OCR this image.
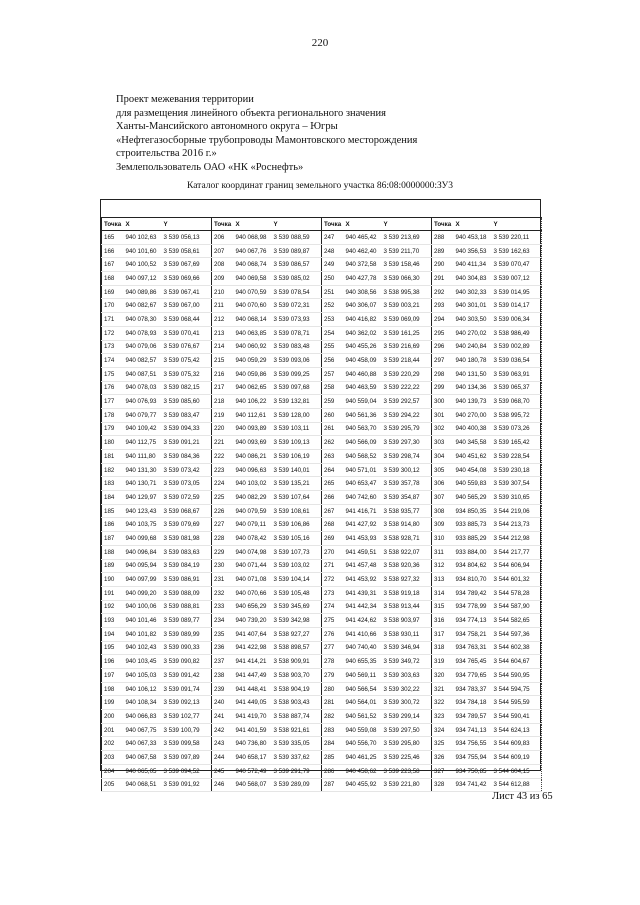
220
Проект межевания территории
для размещения линейного объекта регионального значения
Ханты-Мансийского автономного округа – Югры
«Нефтегазосборные трубопроводы Мамонтовского месторождения
строительства 2016 г.»
Землепользователь ОАО «НК «Роснефть»
Каталог координат границ земельного участка 86:08:0000000:ЗУ3
Точка	X	Y
165	940 102,63	3 539 056,13
166	940 101,60	3 539 058,61
167	940 100,52	3 539 067,69
168	940 097,12	3 539 069,66
169	940 089,86	3 539 067,41
170	940 082,67	3 539 067,00
171	940 078,30	3 539 068,44
172	940 078,93	3 539 070,41
173	940 079,06	3 539 076,67
174	940 082,57	3 539 075,42
175	940 087,51	3 539 075,32
176	940 078,03	3 539 082,15
177	940 076,93	3 539 085,60
178	940 079,77	3 539 083,47
179	940 109,42	3 539 094,33
180	940 112,75	3 539 091,21
181	940 111,80	3 539 084,36
182	940 131,30	3 539 073,42
183	940 130,71	3 539 073,05
184	940 129,97	3 539 072,59
185	940 123,43	3 539 068,67
186	940 103,75	3 539 079,69
187	940 099,68	3 539 081,98
188	940 096,84	3 539 083,63
189	940 095,94	3 539 084,19
190	940 097,99	3 539 086,91
191	940 099,20	3 539 088,09
192	940 100,06	3 539 088,81
193	940 101,46	3 539 089,77
194	940 101,82	3 539 089,99
195	940 102,43	3 539 090,33
196	940 103,45	3 539 090,82
197	940 105,03	3 539 091,42
198	940 106,12	3 539 091,74
199	940 108,34	3 539 092,13
200	940 066,83	3 539 102,77
201	940 067,75	3 539 100,79
202	940 067,33	3 539 099,58
203	940 067,58	3 539 097,89
204	940 065,05	3 539 094,52
205	940 068,51	3 539 091,92
Точка	X	Y
206	940 068,98	3 539 088,59
207	940 067,76	3 539 089,87
208	940 068,74	3 539 086,57
209	940 069,58	3 539 085,02
210	940 070,59	3 539 078,54
211	940 070,60	3 539 072,31
212	940 068,14	3 539 073,93
213	940 063,85	3 539 078,71
214	940 060,92	3 539 083,48
215	940 059,29	3 539 093,06
216	940 059,86	3 539 099,25
217	940 062,65	3 539 097,68
218	940 106,22	3 539 132,81
219	940 112,61	3 539 128,00
220	940 093,89	3 539 103,11
221	940 093,69	3 539 109,13
222	940 086,21	3 539 106,19
223	940 096,63	3 539 140,01
224	940 103,02	3 539 135,21
225	940 082,29	3 539 107,64
226	940 079,59	3 539 108,61
227	940 079,11	3 539 106,86
228	940 078,42	3 539 105,16
229	940 074,98	3 539 107,73
230	940 071,44	3 539 103,02
231	940 071,08	3 539 104,14
232	940 070,66	3 539 105,48
233	940 656,29	3 539 345,69
234	940 739,20	3 539 342,98
235	941 407,64	3 538 927,27
236	941 422,98	3 538 898,57
237	941 414,21	3 538 909,91
238	941 447,49	3 538 903,70
239	941 448,41	3 538 904,19
240	941 449,05	3 538 903,43
241	941 419,70	3 538 887,74
242	941 401,59	3 538 921,61
243	940 736,80	3 539 335,05
244	940 658,17	3 539 337,62
245	940 572,49	3 539 291,79
246	940 568,07	3 539 289,09
Точка	X	Y
247	940 465,42	3 539 213,69
248	940 462,40	3 539 211,70
249	940 372,58	3 539 158,46
250	940 427,78	3 539 066,30
251	940 308,56	3 538 995,38
252	940 306,07	3 539 003,21
253	940 416,82	3 539 069,09
254	940 362,02	3 539 161,25
255	940 455,26	3 539 216,69
256	940 458,09	3 539 218,44
257	940 460,88	3 539 220,29
258	940 463,59	3 539 222,22
259	940 559,04	3 539 292,57
260	940 561,36	3 539 294,22
261	940 563,70	3 539 295,79
262	940 566,09	3 539 297,30
263	940 568,52	3 539 298,74
264	940 571,01	3 539 300,12
265	940 653,47	3 539 357,78
266	940 742,60	3 539 354,87
267	941 416,71	3 538 935,77
268	941 427,92	3 538 914,80
269	941 453,93	3 538 928,71
270	941 459,51	3 538 922,07
271	941 457,48	3 538 920,36
272	941 453,92	3 538 927,32
273	941 439,31	3 538 919,18
274	941 442,34	3 538 913,44
275	941 424,62	3 538 903,97
276	941 410,66	3 538 930,11
277	940 740,40	3 539 346,94
278	940 655,35	3 539 349,72
279	940 569,11	3 539 303,63
280	940 566,54	3 539 302,22
281	940 564,01	3 539 300,72
282	940 561,52	3 539 299,14
283	940 559,08	3 539 297,50
284	940 556,70	3 539 295,80
285	940 461,25	3 539 225,46
286	940 458,62	3 539 223,58
287	940 455,92	3 539 221,80
Точка	X	Y
288	940 453,18	3 539 220,11
289	940 356,53	3 539 162,63
290	940 411,34	3 539 070,47
291	940 304,83	3 539 007,12
292	940 302,33	3 539 014,95
293	940 301,01	3 539 014,17
294	940 303,50	3 539 006,34
295	940 270,02	3 538 986,49
296	940 240,84	3 539 002,89
297	940 180,78	3 539 036,54
298	940 131,50	3 539 063,91
299	940 134,36	3 539 065,37
300	940 139,73	3 539 068,70
301	940 270,00	3 538 995,72
302	940 400,38	3 539 073,26
303	940 345,58	3 539 165,42
304	940 451,62	3 539 228,54
305	940 454,08	3 539 230,18
306	940 559,83	3 539 307,54
307	940 565,29	3 539 310,65
308	934 850,35	3 544 219,06
309	933 885,73	3 544 213,73
310	933 885,29	3 544 212,98
311	933 884,00	3 544 217,77
312	934 804,62	3 544 606,94
313	934 810,70	3 544 601,32
314	934 789,42	3 544 578,28
315	934 778,99	3 544 587,90
316	934 774,13	3 544 582,65
317	934 758,21	3 544 597,36
318	934 763,31	3 544 602,38
319	934 765,45	3 544 604,67
320	934 779,65	3 544 590,95
321	934 783,37	3 544 594,75
322	934 784,18	3 544 595,59
323	934 789,57	3 544 590,41
324	934 741,13	3 544 624,13
325	934 756,55	3 544 609,83
326	934 755,94	3 544 609,19
327	934 750,85	3 544 604,15
328	934 741,42	3 544 612,88
Лист 43 из 65
